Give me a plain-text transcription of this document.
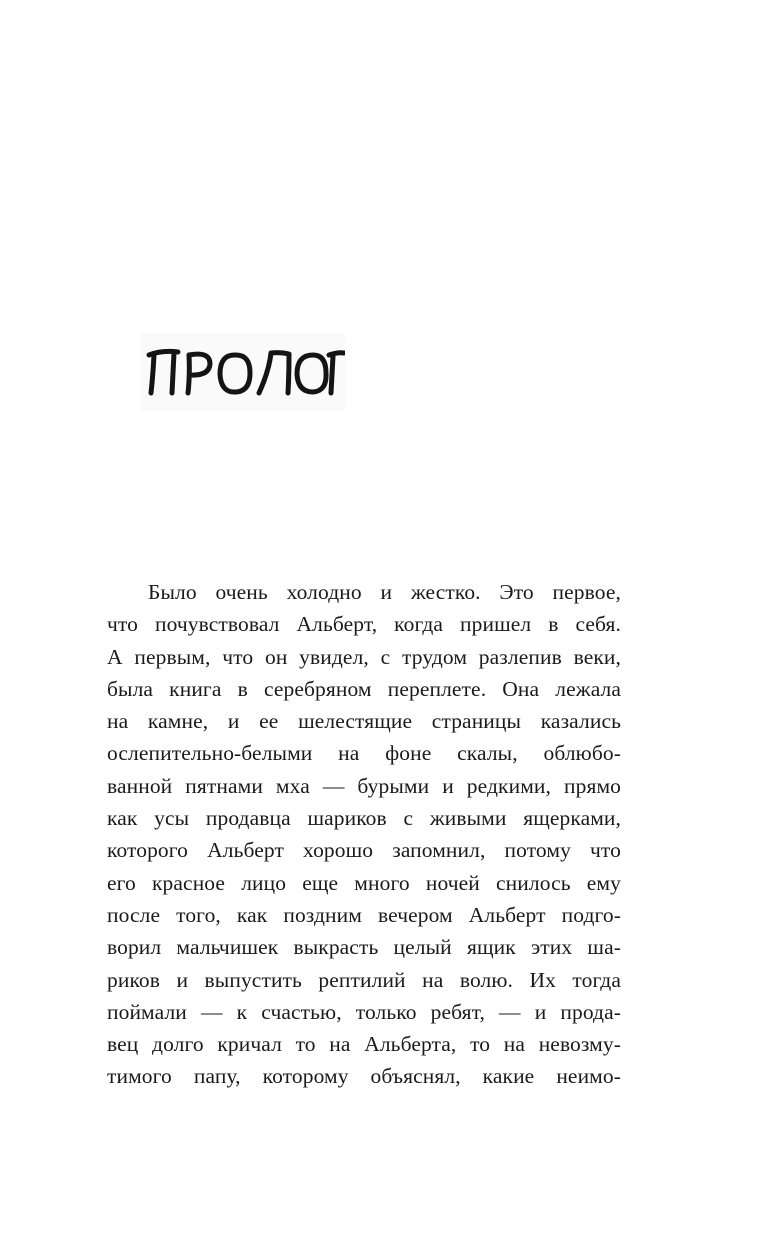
Было очень холодно и жестко. Это первое,
что почувствовал Альберт, когда пришел в себя.
А первым, что он увидел, с трудом разлепив веки,
была книга в серебряном переплете. Она лежала
на камне, и ее шелестящие страницы казались
ослепительно-белыми на фоне скалы, облюбо-
ванной пятнами мха — бурыми и редкими, прямо
как усы продавца шариков с живыми ящерками,
которого Альберт хорошо запомнил, потому что
его красное лицо еще много ночей снилось ему
после того, как поздним вечером Альберт подго-
ворил мальчишек выкрасть целый ящик этих ша-
риков и выпустить рептилий на волю. Их тогда
поймали — к счастью, только ребят, — и прода-
вец долго кричал то на Альберта, то на невозму-
тимого папу, которому объяснял, какие неимо-
